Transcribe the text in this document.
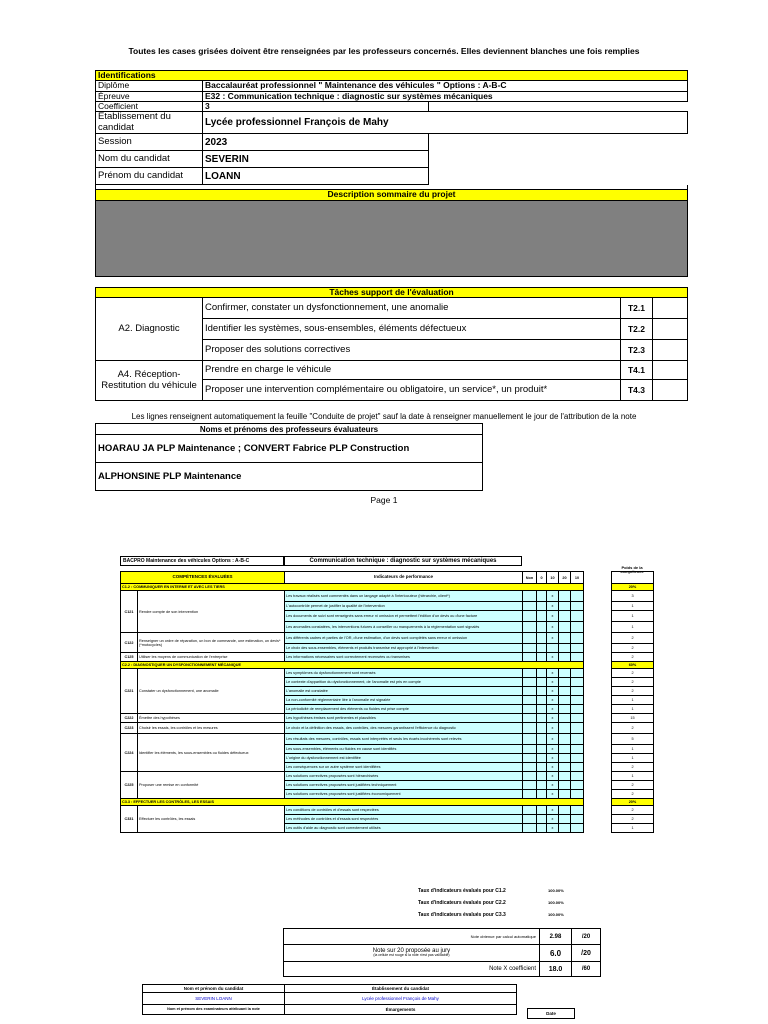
Toutes les cases grisées doivent être renseignées par les professeurs concernés. Elles deviennent blanches une fois remplies
Identifications		
Diplôme	Baccalauréat professionnel " Maintenance des véhicules " Options : A-B-C	
Épreuve	E32 : Communication technique : diagnostic sur systèmes mécaniques	
Coefficient	3	
Établissement du candidat	Lycée professionnel François de Mahy	
Session	2023	
Nom du candidat	SEVERIN	
Prénom du candidat	LOANN	

Description sommaire du projet		

Tâches support de l'évaluation			
A2. Diagnostic	Confirmer, constater un dysfonctionnement, une anomalie	T2.1	
	Identifier les systèmes, sous-ensembles, éléments défectueux	T2.2	
	Proposer des solutions correctives	T2.3	
A4. Réception-Restitution du véhicule	Prendre en charge le véhicule	T4.1	
	Proposer une intervention complémentaire ou obligatoire, un service*, un produit*	T4.3	
Les lignes renseignent automatiquement la feuille "Conduite de projet" sauf la date à renseigner manuellement le jour de l'attribution de la note
Noms et prénoms des professeurs évaluateurs
HOARAU JA PLP Maintenance ; CONVERT Fabrice PLP Construction
ALPHONSINE PLP Maintenance
Page 1
BACPRO Maintenance des véhicules Options : A-B-C	Communication technique : diagnostic sur systèmes mécaniques
Poids de la compétence
COMPÉTENCES ÉVALUÉES		Indicateurs de performance	Non	0	10	20	10		
C1.2 : COMMUNIQUER EN INTERNE ET AVEC LES TIERS									20%
C121	Rendre compte de son intervention	Les travaux réalisés sont commentés dans un langage adapté à l'interlocuteur (hiérarchie, client*)			x				3
		L'autocontrôle permet de justifier la qualité de l'intervention			x				1
		Les documents de suivi sont renseignés sans erreur ni omission et permettent l'édition d'un devis ou d'une facture			x				1
		Les anomalies constatées, les interventions futures à conseiller ou manquements à la réglementation sont signalés			x				1
C122	Renseigner un ordre de réparation, un bon de commande, une estimation, un devis* (*motocycles)	Les différents cadres et parties de l'OR, d'une estimation, d'un devis sont complétés sans erreur ni omission			x				2
		Le choix des sous-ensembles, éléments et produits transmise est approprié à l'intervention							2
C125	Utiliser les moyens de communication de l'entreprise	Les informations nécessaires sont correctement recensées ou transmises			x				2
C2.2 : DIAGNOSTIQUER UN DYSFONCTIONNEMENT MÉCANIQUE									60%
C221	Constater un dysfonctionnement, une anomalie	Les symptômes du dysfonctionnement sont recensés			x				2
		Le contexte d'apparition du dysfonctionnement, de l'anomalie est pris en compte			x				2
		L'anomalie est constatée			x				2
		La non-conformité réglementaire liée à l'anomalie est signalée			x				1
		La périodicité de remplacement des éléments ou fluides est prise compte			x				1
C222	Émettre des hypothèses	Les hypothèses émises sont pertinentes et plausibles			x				15
C223	Choisir les essais, les contrôles et les mesures	Le choix et la définition des essais, des contrôles, des mesures garantissent l'efficience du diagnostic			x				2
C224	Identifier les éléments, les sous-ensembles ou fluides défectueux	Les résultats des mesures, contrôles, essais sont interprétés et seuls les écarts incohérents sont relevés			x				5
		Les sous-ensembles, éléments ou fluides en cause sont identifiés			x				1
		L'origine du dysfonctionnement est identifiée			x				1
		Les conséquences sur un autre système sont identifiées			x				2
C225	Proposer une remise en conformité	Les solutions correctives proposées sont hiérarchisées			x				1
		Les solutions correctives proposées sont justifiées techniquement			x				2
		Les solutions correctives proposées sont justifiées économiquement			x				2
C3.3 : EFFECTUER LES CONTRÔLES, LES ESSAIS									20%
C331	Effectuer les contrôles, les essais	Les conditions de contrôles et d'essais sont respectées			x				2
		Les méthodes de contrôles et d'essais sont respectées			x				2
		Les outils d'aide au diagnostic sont correctement utilisés			x				1
Taux d'indicateurs évalués pour C1.2	100.00%
Taux d'indicateurs évalués pour C2.2	100.00%
Taux d'indicateurs évalués pour C3.3	100.00%
Note obtenue par calcul automatique	2.98	/20

Note sur 20 proposée au jury
(la cellule est rouge si la note n'est pas validable)	6.0	/20
Note X coefficient	18.0	/60
Nom et prénom du candidat	Établissement du candidat
SEVERIN LOANN	Lycée professionnel François de Mahy
Nom et prénom des examinateurs attribuant la note	Émargements
Date
